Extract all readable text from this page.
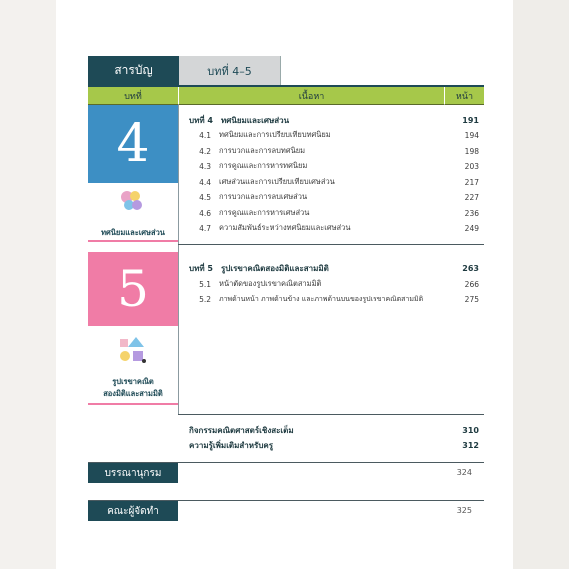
สารบัญ	บทที่ 4–5
บทที่	เนื้อหา	หน้า
4
ทศนิยมและเศษส่วน
บทที่ 4	ทศนิยมและเศษส่วน	191
4.1 ทศนิยมและการเปรียบเทียบทศนิยม	194
4.2 การบวกและการลบทศนิยม	198
4.3 การคูณและการหารทศนิยม	203
4.4 เศษส่วนและการเปรียบเทียบเศษส่วน	217
4.5 การบวกและการลบเศษส่วน	227
4.6 การคูณและการหารเศษส่วน	236
4.7 ความสัมพันธ์ระหว่างทศนิยมและเศษส่วน	249
5
รูปเรขาคณิต
สองมิติและสามมิติ
บทที่ 5	รูปเรขาคณิตสองมิติและสามมิติ	263
5.1 หน้าตัดของรูปเรขาคณิตสามมิติ	266
5.2 ภาพด้านหน้า ภาพด้านข้าง และภาพด้านบนของรูปเรขาคณิตสามมิติ	275
กิจกรรมคณิตศาสตร์เชิงสะเต็ม	310
ความรู้เพิ่มเติมสำหรับครู	312
บรรณานุกรม	324
คณะผู้จัดทำ	325
